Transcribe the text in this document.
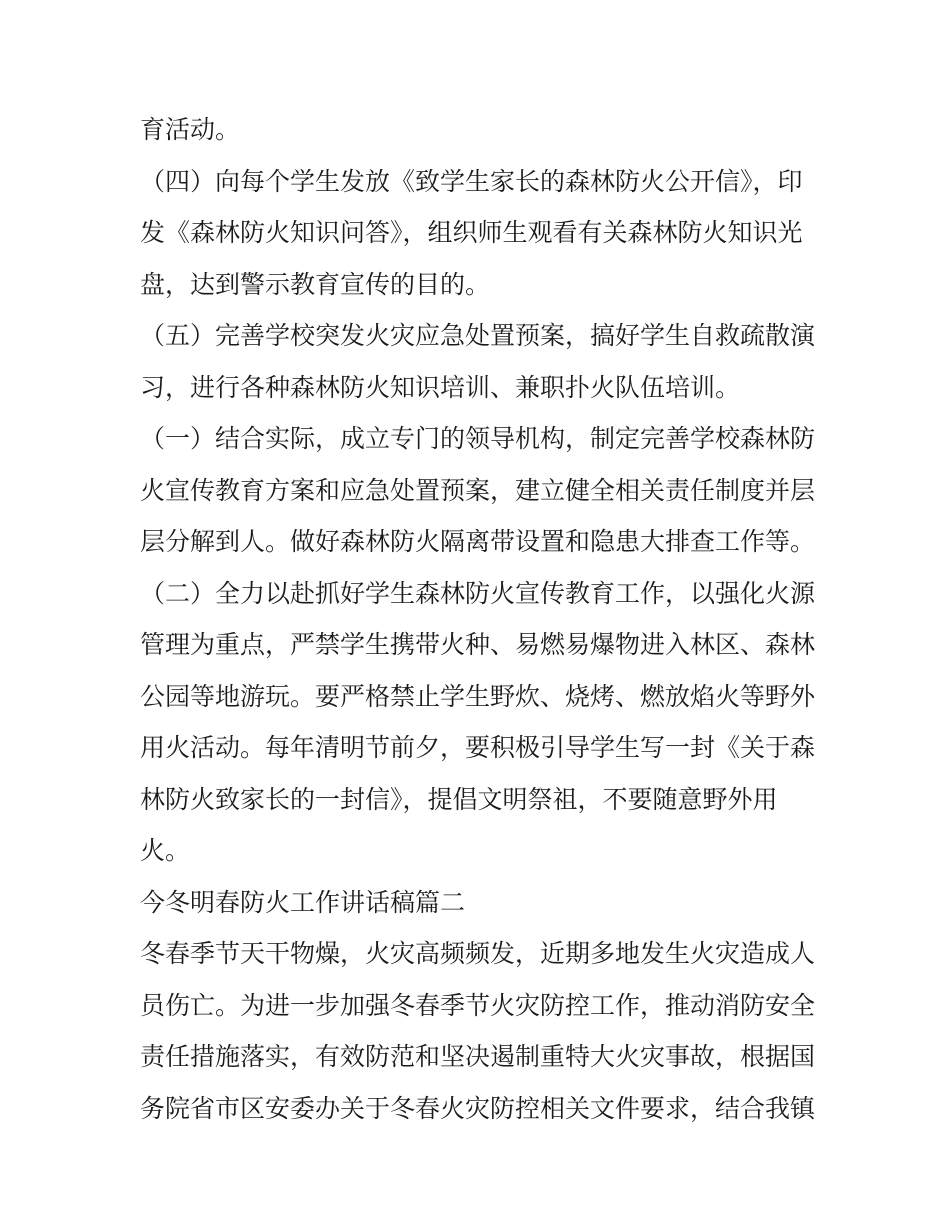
育活动。
（四）向每个学生发放《致学生家长的森林防火公开信》，印
发《森林防火知识问答》，组织师生观看有关森林防火知识光
盘，达到警示教育宣传的目的。
（五）完善学校突发火灾应急处置预案，搞好学生自救疏散演
习，进行各种森林防火知识培训、兼职扑火队伍培训。
（一）结合实际，成立专门的领导机构，制定完善学校森林防
火宣传教育方案和应急处置预案，建立健全相关责任制度并层
层分解到人。做好森林防火隔离带设置和隐患大排查工作等。
（二）全力以赴抓好学生森林防火宣传教育工作，以强化火源
管理为重点，严禁学生携带火种、易燃易爆物进入林区、森林
公园等地游玩。要严格禁止学生野炊、烧烤、燃放焰火等野外
用火活动。每年清明节前夕，要积极引导学生写一封《关于森
林防火致家长的一封信》，提倡文明祭祖，不要随意野外用
火。
今冬明春防火工作讲话稿篇二
冬春季节天干物燥，火灾高频频发，近期多地发生火灾造成人
员伤亡。为进一步加强冬春季节火灾防控工作，推动消防安全
责任措施落实，有效防范和坚决遏制重特大火灾事故，根据国
务院省市区安委办关于冬春火灾防控相关文件要求，结合我镇
